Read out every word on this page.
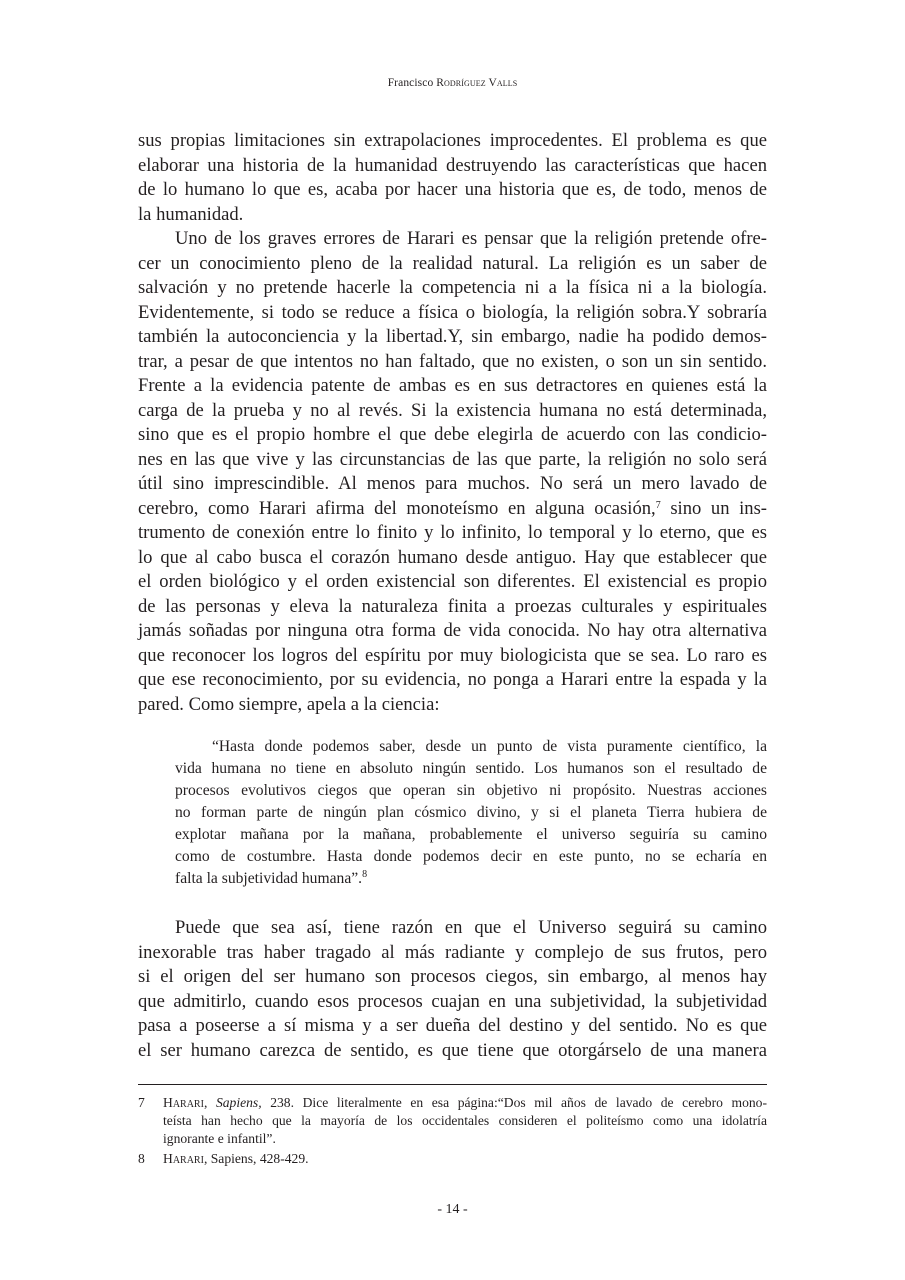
Francisco Rodríguez Valls
sus propias limitaciones sin extrapolaciones improcedentes. El problema es que
elaborar una historia de la humanidad destruyendo las características que hacen
de lo humano lo que es, acaba por hacer una historia que es, de todo, menos de
la humanidad.
Uno de los graves errores de Harari es pensar que la religión pretende ofre-
cer un conocimiento pleno de la realidad natural. La religión es un saber de
salvación y no pretende hacerle la competencia ni a la física ni a la biología.
Evidentemente, si todo se reduce a física o biología, la religión sobra.Y sobraría
también la autoconciencia y la libertad.Y, sin embargo, nadie ha podido demos-
trar, a pesar de que intentos no han faltado, que no existen, o son un sin sentido.
Frente a la evidencia patente de ambas es en sus detractores en quienes está la
carga de la prueba y no al revés. Si la existencia humana no está determinada,
sino que es el propio hombre el que debe elegirla de acuerdo con las condicio-
nes en las que vive y las circunstancias de las que parte, la religión no solo será
útil sino imprescindible. Al menos para muchos. No será un mero lavado de
cerebro, como Harari afirma del monoteísmo en alguna ocasión,$^7$ sino un ins-
trumento de conexión entre lo finito y lo infinito, lo temporal y lo eterno, que es
lo que al cabo busca el corazón humano desde antiguo. Hay que establecer que
el orden biológico y el orden existencial son diferentes. El existencial es propio
de las personas y eleva la naturaleza finita a proezas culturales y espirituales
jamás soñadas por ninguna otra forma de vida conocida. No hay otra alternativa
que reconocer los logros del espíritu por muy biologicista que se sea. Lo raro es
que ese reconocimiento, por su evidencia, no ponga a Harari entre la espada y la
pared. Como siempre, apela a la ciencia:
“Hasta donde podemos saber, desde un punto de vista puramente científico, la
vida humana no tiene en absoluto ningún sentido. Los humanos son el resultado de
procesos evolutivos ciegos que operan sin objetivo ni propósito. Nuestras acciones
no forman parte de ningún plan cósmico divino, y si el planeta Tierra hubiera de
explotar mañana por la mañana, probablemente el universo seguiría su camino
como de costumbre. Hasta donde podemos decir en este punto, no se echaría en
falta la subjetividad humana”.$^8$
Puede que sea así, tiene razón en que el Universo seguirá su camino
inexorable tras haber tragado al más radiante y complejo de sus frutos, pero
si el origen del ser humano son procesos ciegos, sin embargo, al menos hay
que admitirlo, cuando esos procesos cuajan en una subjetividad, la subjetividad
pasa a poseerse a sí misma y a ser dueña del destino y del sentido. No es que
el ser humano carezca de sentido, es que tiene que otorgárselo de una manera
7	Harari, Sapiens, 238. Dice literalmente en esa página:“Dos mil años de lavado de cerebro mono-
teísta han hecho que la mayoría de los occidentales consideren el politeísmo como una idolatría
ignorante e infantil”.
8	Harari, Sapiens, 428-429.
- 14 -
